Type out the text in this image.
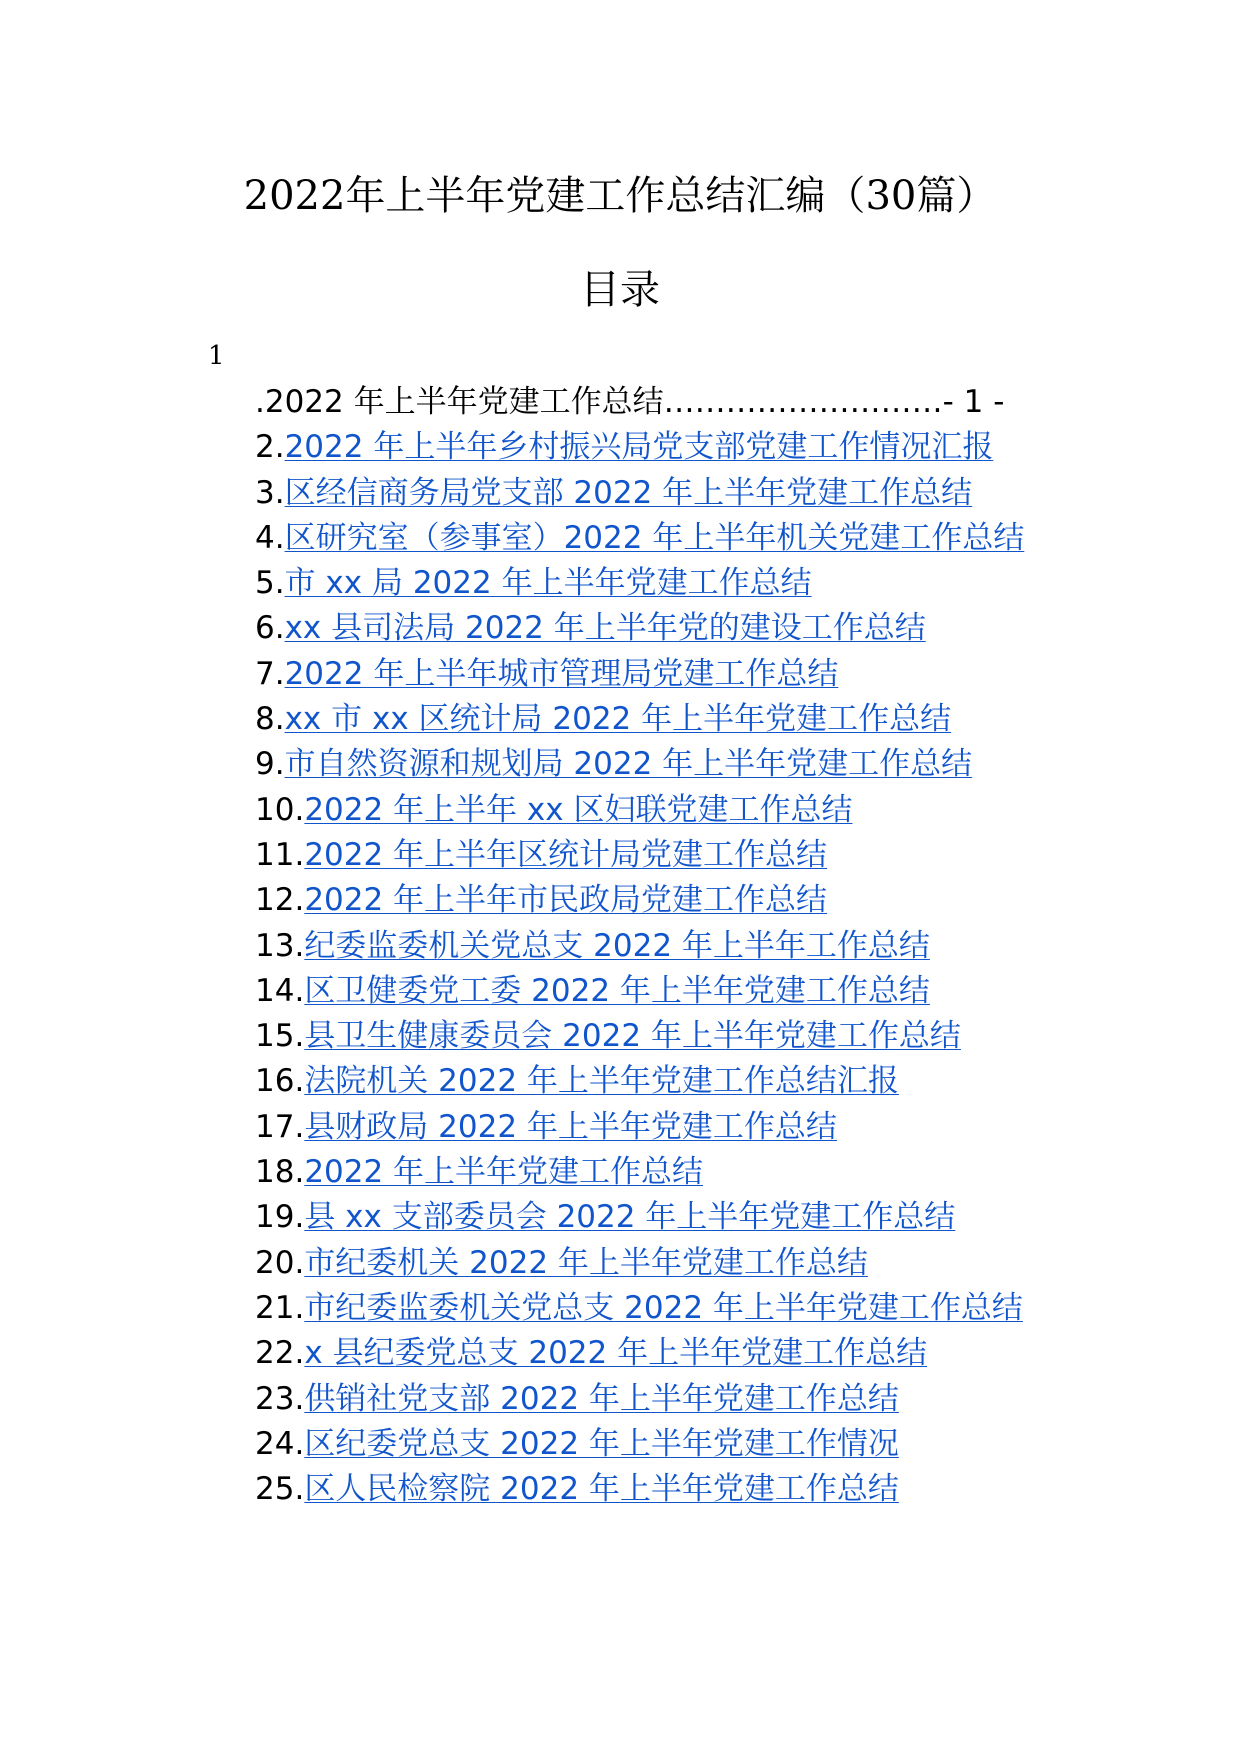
2022年上半年党建工作总结汇编（30篇）
目录
1
.2022 年上半年党建工作总结………………………- 1 -
2.2022 年上半年乡村振兴局党支部党建工作情况汇报
3.区经信商务局党支部 2022 年上半年党建工作总结
4.区研究室（参事室）2022 年上半年机关党建工作总结
5.市 xx 局 2022 年上半年党建工作总结
6.xx 县司法局 2022 年上半年党的建设工作总结
7.2022 年上半年城市管理局党建工作总结
8.xx 市 xx 区统计局 2022 年上半年党建工作总结
9.市自然资源和规划局 2022 年上半年党建工作总结
10.2022 年上半年 xx 区妇联党建工作总结
11.2022 年上半年区统计局党建工作总结
12.2022 年上半年市民政局党建工作总结
13.纪委监委机关党总支 2022 年上半年工作总结
14.区卫健委党工委 2022 年上半年党建工作总结
15.县卫生健康委员会 2022 年上半年党建工作总结
16.法院机关 2022 年上半年党建工作总结汇报
17.县财政局 2022 年上半年党建工作总结
18.2022 年上半年党建工作总结
19.县 xx 支部委员会 2022 年上半年党建工作总结
20.市纪委机关 2022 年上半年党建工作总结
21.市纪委监委机关党总支 2022 年上半年党建工作总结
22.x 县纪委党总支 2022 年上半年党建工作总结
23.供销社党支部 2022 年上半年党建工作总结
24.区纪委党总支 2022 年上半年党建工作情况
25.区人民检察院 2022 年上半年党建工作总结
